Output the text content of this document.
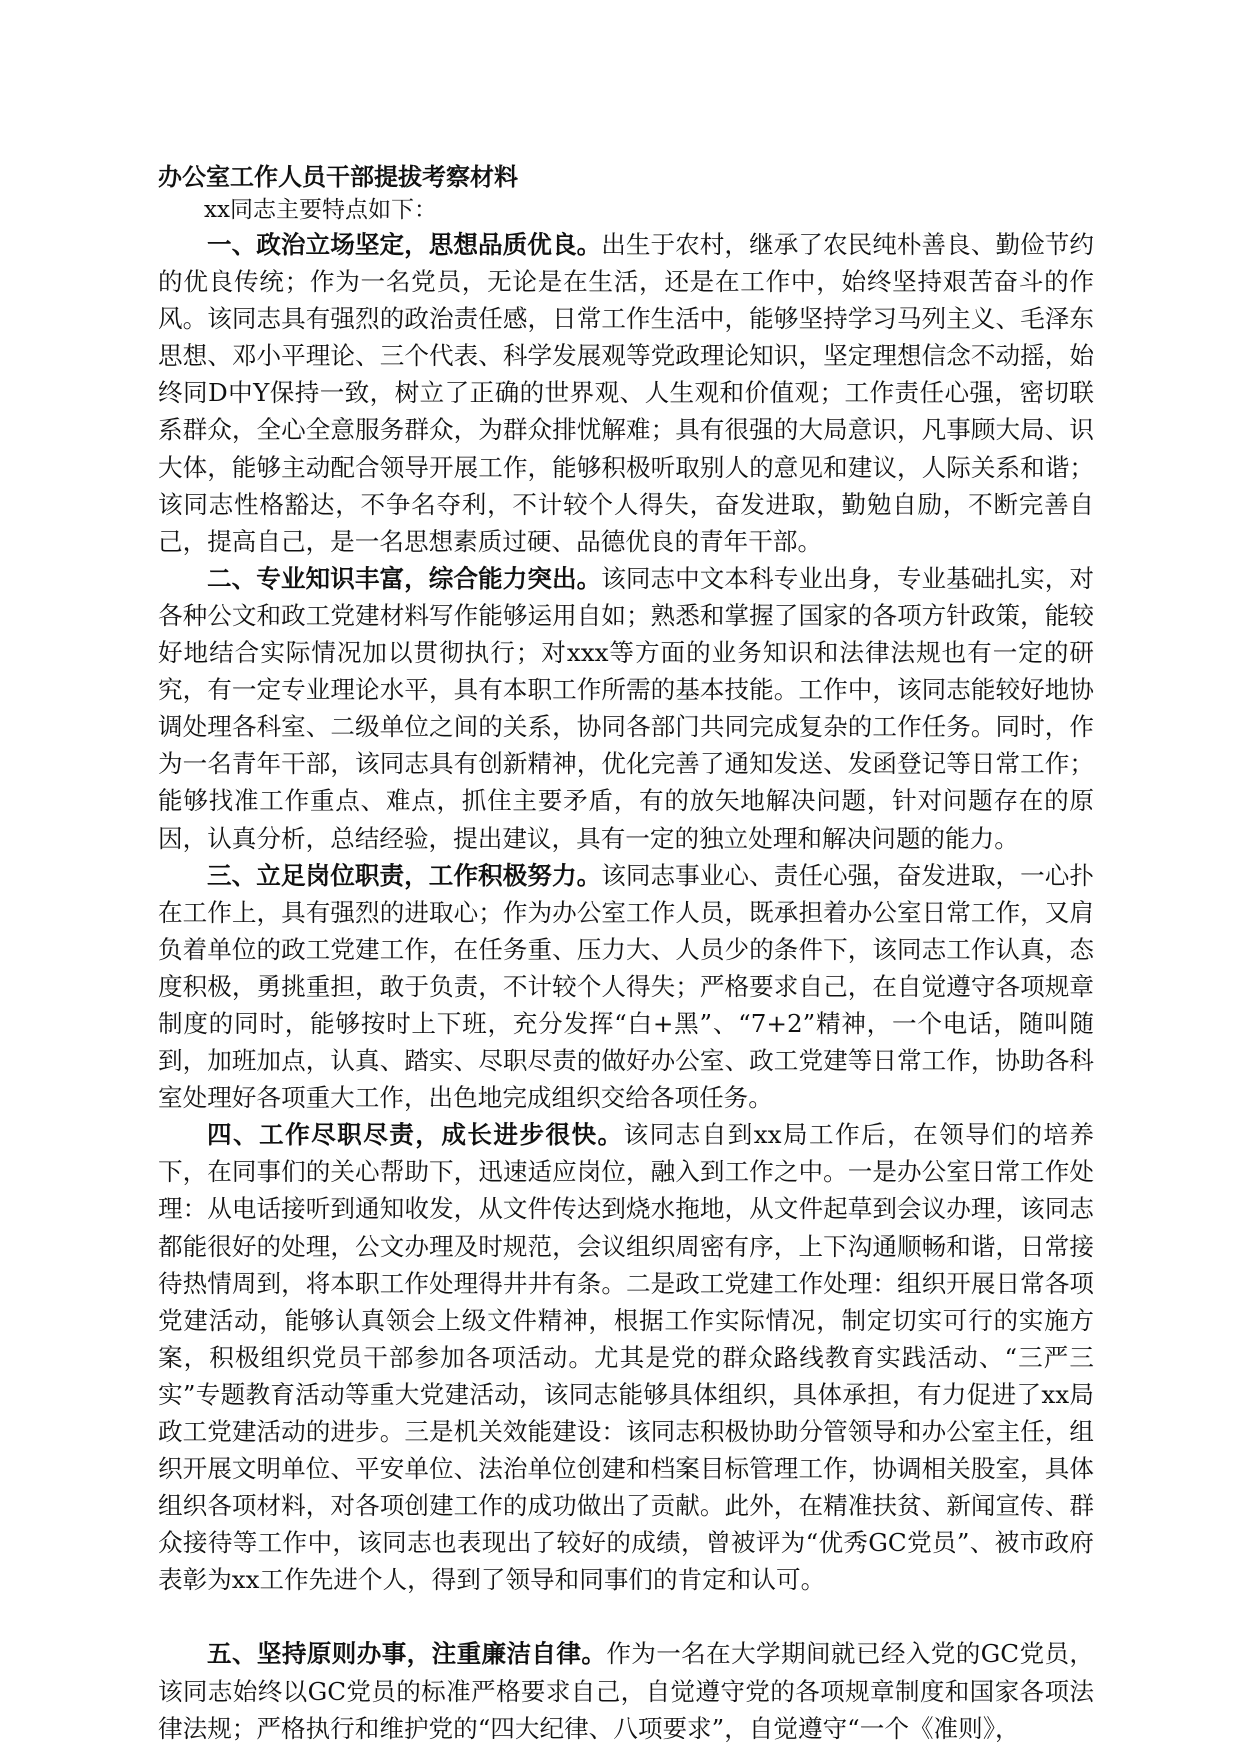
办公室工作人员干部提拔考察材料

xx同志主要特点如下：

一、政治立场坚定，思想品质优良。出生于农村，继承了农民纯朴善良、勤俭节约的优良传统；作为一名党员，无论是在生活，还是在工作中，始终坚持艰苦奋斗的作风。该同志具有强烈的政治责任感，日常工作生活中，能够坚持学习马列主义、毛泽东思想、邓小平理论、三个代表、科学发展观等党政理论知识，坚定理想信念不动摇，始终同D中Y保持一致，树立了正确的世界观、人生观和价值观；工作责任心强，密切联系群众，全心全意服务群众，为群众排忧解难；具有很强的大局意识，凡事顾大局、识大体，能够主动配合领导开展工作，能够积极听取别人的意见和建议，人际关系和谐；该同志性格豁达，不争名夺利，不计较个人得失，奋发进取，勤勉自励，不断完善自己，提高自己，是一名思想素质过硬、品德优良的青年干部。

二、专业知识丰富，综合能力突出。该同志中文本科专业出身，专业基础扎实，对各种公文和政工党建材料写作能够运用自如；熟悉和掌握了国家的各项方针政策，能较好地结合实际情况加以贯彻执行；对xxx等方面的业务知识和法律法规也有一定的研究，有一定专业理论水平，具有本职工作所需的基本技能。工作中，该同志能较好地协调处理各科室、二级单位之间的关系，协同各部门共同完成复杂的工作任务。同时，作为一名青年干部，该同志具有创新精神，优化完善了通知发送、发函登记等日常工作；能够找准工作重点、难点，抓住主要矛盾，有的放矢地解决问题，针对问题存在的原因，认真分析，总结经验，提出建议，具有一定的独立处理和解决问题的能力。

三、立足岗位职责，工作积极努力。该同志事业心、责任心强，奋发进取，一心扑在工作上，具有强烈的进取心；作为办公室工作人员，既承担着办公室日常工作，又肩负着单位的政工党建工作，在任务重、压力大、人员少的条件下，该同志工作认真，态度积极，勇挑重担，敢于负责，不计较个人得失；严格要求自己，在自觉遵守各项规章制度的同时，能够按时上下班，充分发挥“白+黑”、“7+2”精神，一个电话，随叫随到，加班加点，认真、踏实、尽职尽责的做好办公室、政工党建等日常工作，协助各科室处理好各项重大工作，出色地完成组织交给各项任务。

四、工作尽职尽责，成长进步很快。该同志自到xx局工作后，在领导们的培养下，在同事们的关心帮助下，迅速适应岗位，融入到工作之中。一是办公室日常工作处理：从电话接听到通知收发，从文件传达到烧水拖地，从文件起草到会议办理，该同志都能很好的处理，公文办理及时规范，会议组织周密有序，上下沟通顺畅和谐，日常接待热情周到，将本职工作处理得井井有条。二是政工党建工作处理：组织开展日常各项党建活动，能够认真领会上级文件精神，根据工作实际情况，制定切实可行的实施方案，积极组织党员干部参加各项活动。尤其是党的群众路线教育实践活动、“三严三实”专题教育活动等重大党建活动，该同志能够具体组织，具体承担，有力促进了xx局政工党建活动的进步。三是机关效能建设：该同志积极协助分管领导和办公室主任，组织开展文明单位、平安单位、法治单位创建和档案目标管理工作，协调相关股室，具体组织各项材料，对各项创建工作的成功做出了贡献。此外，在精准扶贫、新闻宣传、群众接待等工作中，该同志也表现出了较好的成绩，曾被评为“优秀GC党员”、被市政府表彰为xx工作先进个人，得到了领导和同事们的肯定和认可。

五、坚持原则办事，注重廉洁自律。作为一名在大学期间就已经入党的GC党员，该同志始终以GC党员的标准严格要求自己，自觉遵守党的各项规章制度和国家各项法律法规；严格执行和维护党的“四大纪律、八项要求”，自觉遵守“一个《准则》，
